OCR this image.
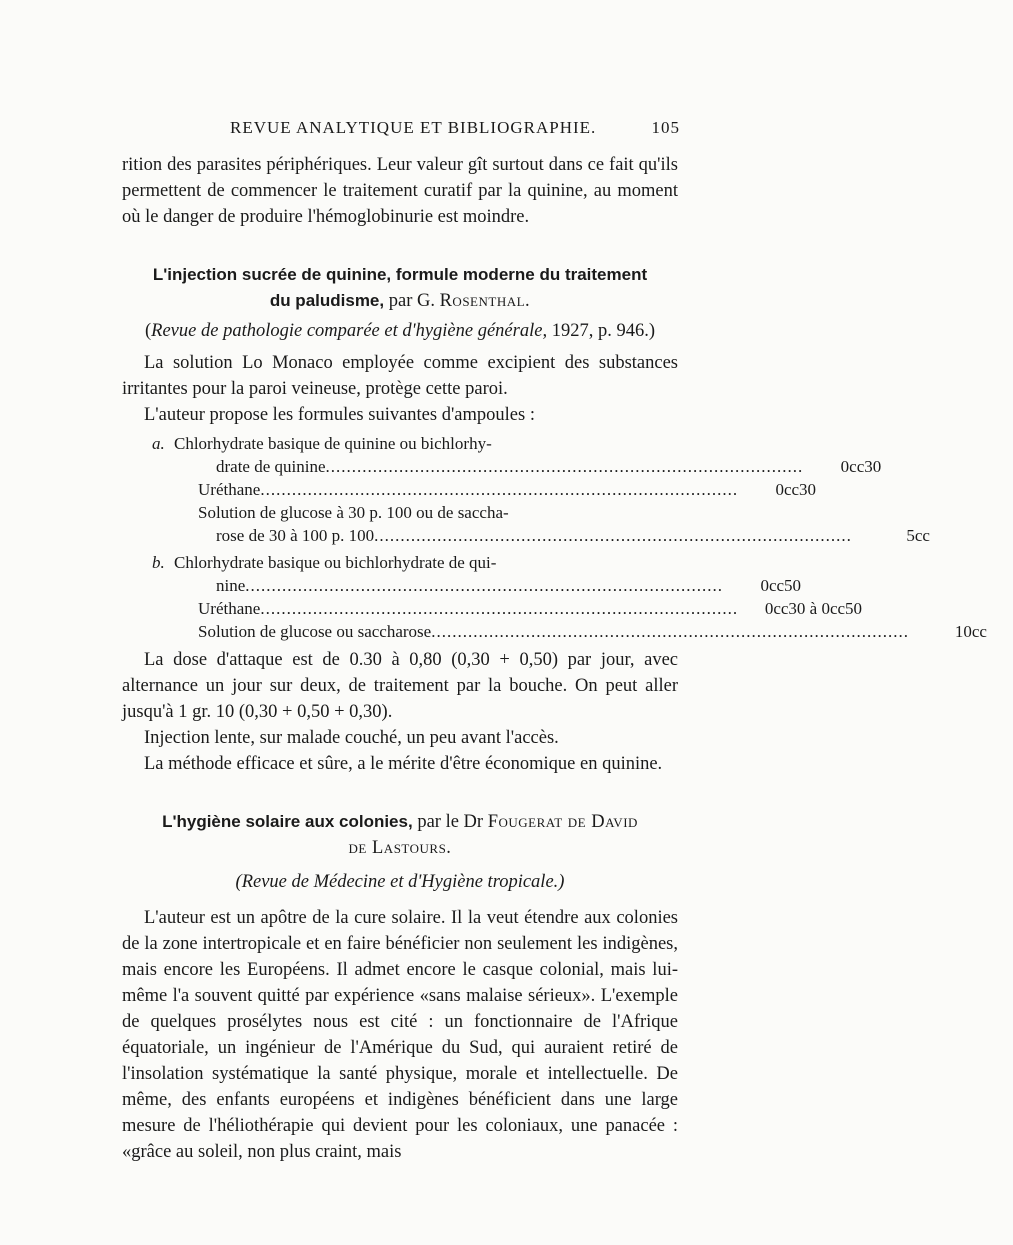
REVUE ANALYTIQUE ET BIBLIOGRAPHIE.	105

rition des parasites périphériques. Leur valeur gît surtout dans ce fait qu'ils permettent de commencer le traitement curatif par la quinine, au moment où le danger de produire l'hémoglobinurie est moindre.

L'injection sucrée de quinine, formule moderne du traitement
du paludisme, par G. Rosenthal.

(Revue de pathologie comparée et d'hygiène générale, 1927, p. 946.)

La solution Lo Monaco employée comme excipient des substances irritantes pour la paroi veineuse, protège cette paroi.

L'auteur propose les formules suivantes d'ampoules :

a. Chlorhydrate basique de quinine ou bichlorhy-
drate de quinine ...........................................................................................	0cc30
Uréthane ...........................................................................................	0cc30
Solution de glucose à 30 p. 100 ou de saccha-
rose de 30 à 100 p. 100 ...........................................................................................	5cc
b. Chlorhydrate basique ou bichlorhydrate de qui-
nine ...........................................................................................	0cc50
Uréthane ...........................................................................................	0cc30 à 0cc50
Solution de glucose ou saccharose ...........................................................................................	10cc

La dose d'attaque est de 0.30 à 0,80 (0,30 + 0,50) par jour, avec alternance un jour sur deux, de traitement par la bouche. On peut aller jusqu'à 1 gr. 10 (0,30 + 0,50 + 0,30).

Injection lente, sur malade couché, un peu avant l'accès.

La méthode efficace et sûre, a le mérite d'être économique en quinine.

L'hygiène solaire aux colonies, par le Dr Fougerat de David
de Lastours.

(Revue de Médecine et d'Hygiène tropicale.)

L'auteur est un apôtre de la cure solaire. Il la veut étendre aux colonies de la zone intertropicale et en faire bénéficier non seulement les indigènes, mais encore les Européens. Il admet encore le casque colonial, mais lui-même l'a souvent quitté par expérience «sans malaise sérieux». L'exemple de quelques prosélytes nous est cité : un fonctionnaire de l'Afrique équatoriale, un ingénieur de l'Amérique du Sud, qui auraient retiré de l'insolation systématique la santé physique, morale et intellectuelle. De même, des enfants européens et indigènes bénéficient dans une large mesure de l'héliothérapie qui devient pour les coloniaux, une panacée : «grâce au soleil, non plus craint, mais
